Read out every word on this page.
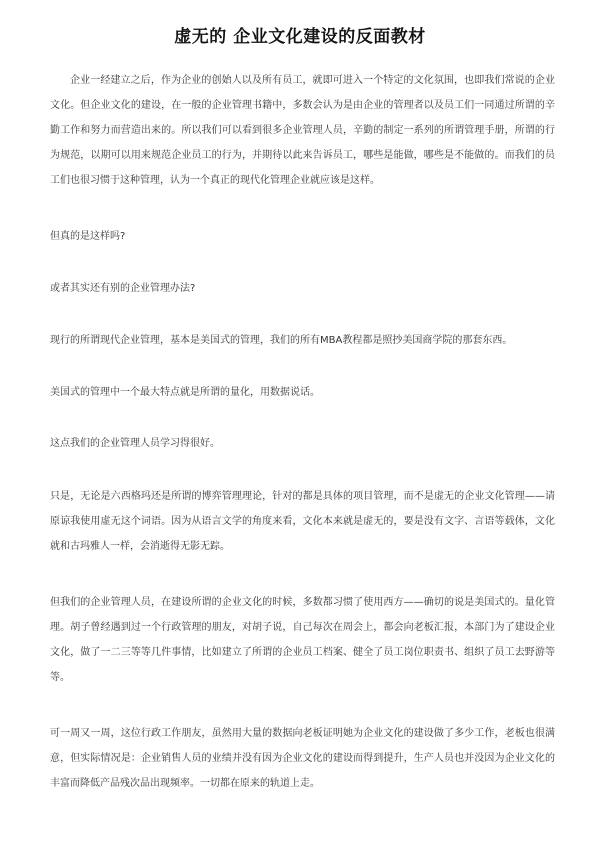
虚无的 企业文化建设的反面教材

企业一经建立之后，作为企业的创始人以及所有员工，就即可进入一个特定的文化氛围，也即我们常说的企业文化。但企业文化的建设，在一般的企业管理书籍中，多数会认为是由企业的管理者以及员工们一同通过所谓的辛勤工作和努力而营造出来的。所以我们可以看到很多企业管理人员，辛勤的制定一系列的所谓管理手册，所谓的行为规范，以期可以用来规范企业员工的行为，并期待以此来告诉员工，哪些是能做，哪些是不能做的。而我们的员工们也很习惯于这种管理，认为一个真正的现代化管理企业就应该是这样。

但真的是这样吗?

或者其实还有别的企业管理办法?

现行的所谓现代企业管理，基本是美国式的管理，我们的所有MBA教程都是照抄美国商学院的那套东西。

美国式的管理中一个最大特点就是所谓的量化，用数据说话。

这点我们的企业管理人员学习得很好。

只是，无论是六西格玛还是所谓的博弈管理理论，针对的都是具体的项目管理，而不是虚无的企业文化管理——请原谅我使用虚无这个词语。因为从语言文学的角度来看，文化本来就是虚无的，要是没有文字、言语等载体，文化就和古玛雅人一样，会消逝得无影无踪。

但我们的企业管理人员，在建设所谓的企业文化的时候，多数都习惯了使用西方——确切的说是美国式的。量化管理。胡子曾经遇到过一个行政管理的朋友，对胡子说，自己每次在周会上，都会向老板汇报，本部门为了建设企业文化，做了一二三等等几件事情，比如建立了所谓的企业员工档案、健全了员工岗位职责书、组织了员工去野游等等。

可一周又一周，这位行政工作朋友，虽然用大量的数据向老板证明她为企业文化的建设做了多少工作，老板也很满意，但实际情况是：企业销售人员的业绩并没有因为企业文化的建设而得到提升，生产人员也并没因为企业文化的丰富而降低产品残次品出现频率。一切都在原来的轨道上走。
